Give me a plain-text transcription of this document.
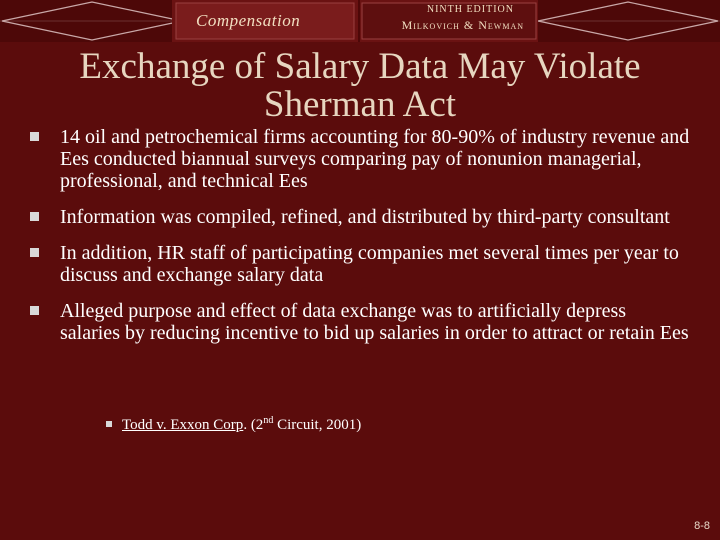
Compensation
NINTH EDITION
Milkovich & Newman
Exchange of Salary Data May Violate
Sherman Act
14 oil and petrochemical firms accounting for 80-90% of industry revenue and Ees conducted biannual surveys comparing pay of nonunion managerial, professional, and technical Ees
Information was compiled, refined, and distributed by third-party consultant
In addition, HR staff of participating companies met several times per year to discuss and exchange salary data
Alleged purpose and effect of data exchange was to artificially depress salaries by reducing incentive to bid up salaries in order to attract or retain Ees
Todd v. Exxon Corp. (2nd Circuit, 2001)
8-8
